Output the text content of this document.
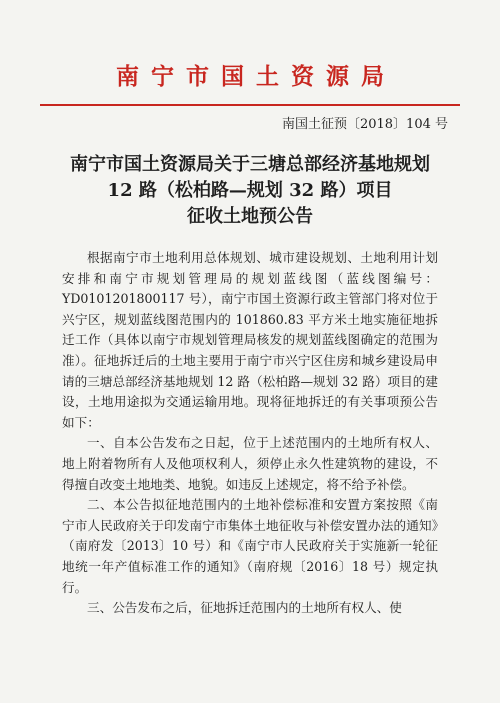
南宁市国土资源局
南国土征预〔2018〕104 号
南宁市国土资源局关于三塘总部经济基地规划
12 路（松柏路—规划 32 路）项目
征收土地预公告

根据南宁市土地利用总体规划、城市建设规划、土地利用计划安排和南宁市规划管理局的规划蓝线图（蓝线图编号：YD0101201800117 号），南宁市国土资源行政主管部门将对位于兴宁区，规划蓝线图范围内的 101860.83 平方米土地实施征地拆迁工作（具体以南宁市规划管理局核发的规划蓝线图确定的范围为准）。征地拆迁后的土地主要用于南宁市兴宁区住房和城乡建设局申请的三塘总部经济基地规划 12 路（松柏路—规划 32 路）项目的建设，土地用途拟为交通运输用地。现将征地拆迁的有关事项预公告如下：

一、自本公告发布之日起，位于上述范围内的土地所有权人、地上附着物所有人及他项权利人，须停止永久性建筑物的建设，不得擅自改变土地地类、地貌。如违反上述规定，将不给予补偿。

二、本公告拟征地范围内的土地补偿标准和安置方案按照《南宁市人民政府关于印发南宁市集体土地征收与补偿安置办法的通知》（南府发〔2013〕10 号）和《南宁市人民政府关于实施新一轮征地统一年产值标准工作的通知》（南府规〔2016〕18 号）规定执行。

三、公告发布之后，征地拆迁范围内的土地所有权人、使
